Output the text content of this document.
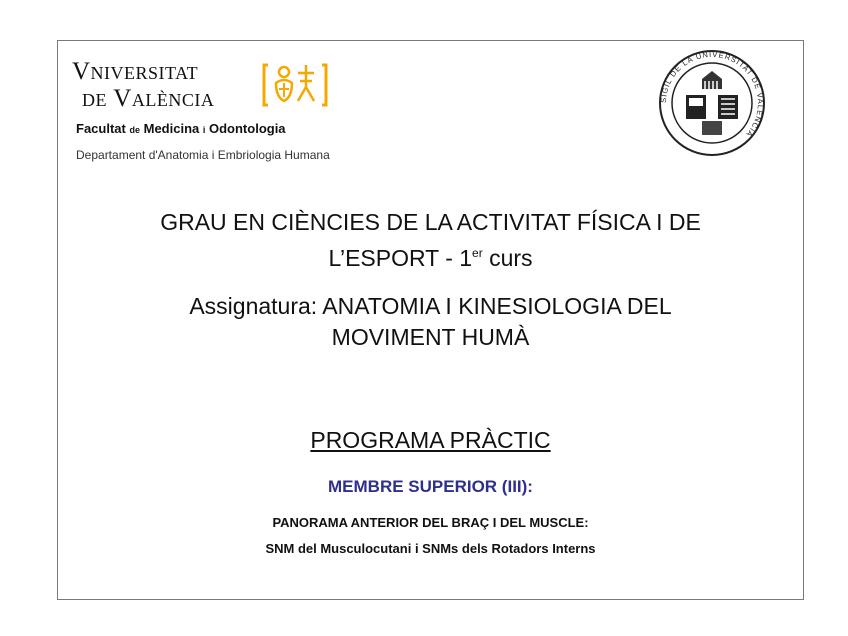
Vniversitat
de València
Facultat de Medicina i Odontologia
Departament d'Anatomia i Embriologia Humana
SIGIL DE LA UNIVERSITAT DE VALÈNCIA
GRAU EN CIÈNCIES DE LA ACTIVITAT FÍSICA I DE
L’ESPORT - 1er curs
Assignatura: ANATOMIA I KINESIOLOGIA DEL
MOVIMENT HUMÀ
PROGRAMA PRÀCTIC
MEMBRE SUPERIOR (III):
PANORAMA ANTERIOR DEL BRAÇ I DEL MUSCLE:
SNM del Musculocutani i SNMs dels Rotadors Interns
